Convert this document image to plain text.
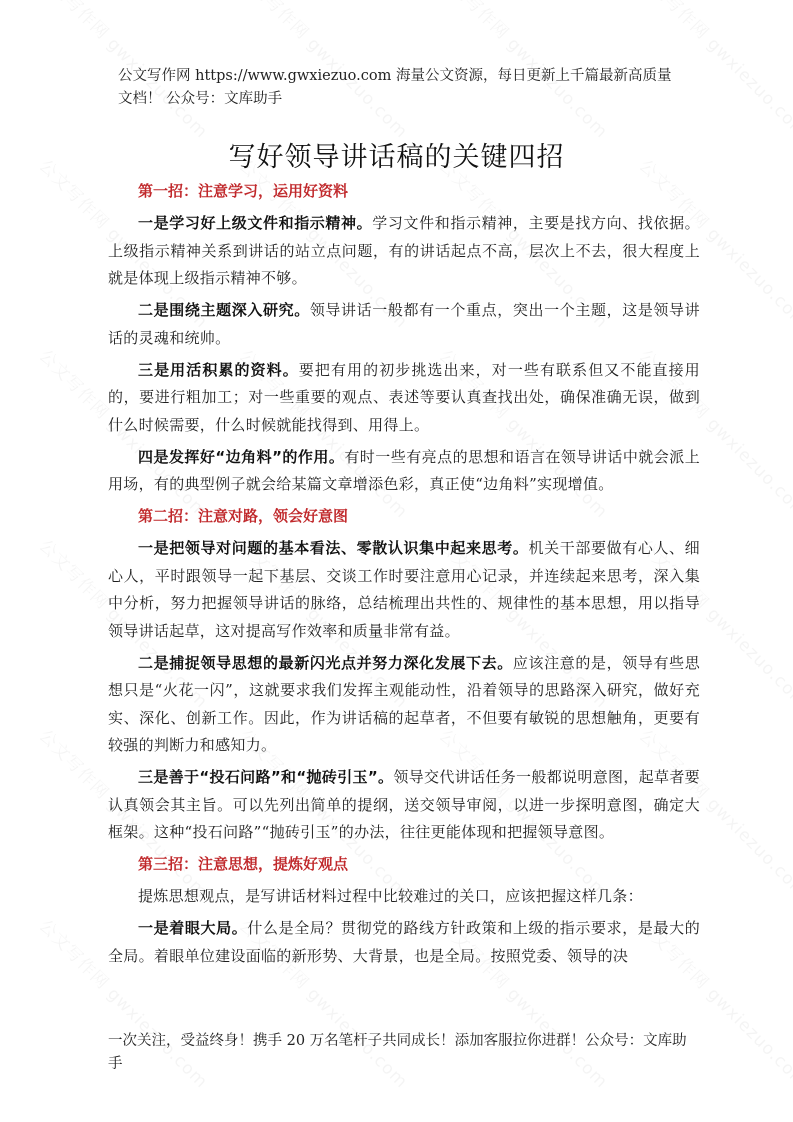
公文写作网 https://www.gwxiezuo.com 海量公文资源，每日更新上千篇最新高质量文档！ 公众号：文库助手
写好领导讲话稿的关键四招

第一招：注意学习，运用好资料

一是学习好上级文件和指示精神。学习文件和指示精神，主要是找方向、找依据。上级指示精神关系到讲话的站立点问题，有的讲话起点不高，层次上不去，很大程度上就是体现上级指示精神不够。

二是围绕主题深入研究。领导讲话一般都有一个重点，突出一个主题，这是领导讲话的灵魂和统帅。

三是用活积累的资料。要把有用的初步挑选出来，对一些有联系但又不能直接用的，要进行粗加工；对一些重要的观点、表述等要认真查找出处，确保准确无误，做到什么时候需要，什么时候就能找得到、用得上。

四是发挥好“边角料”的作用。有时一些有亮点的思想和语言在领导讲话中就会派上用场，有的典型例子就会给某篇文章增添色彩，真正使“边角料”实现增值。

第二招：注意对路，领会好意图

一是把领导对问题的基本看法、零散认识集中起来思考。机关干部要做有心人、细心人，平时跟领导一起下基层、交谈工作时要注意用心记录，并连续起来思考，深入集中分析，努力把握领导讲话的脉络，总结梳理出共性的、规律性的基本思想，用以指导领导讲话起草，这对提高写作效率和质量非常有益。

二是捕捉领导思想的最新闪光点并努力深化发展下去。应该注意的是，领导有些思想只是“火花一闪”，这就要求我们发挥主观能动性，沿着领导的思路深入研究，做好充实、深化、创新工作。因此，作为讲话稿的起草者，不但要有敏锐的思想触角，更要有较强的判断力和感知力。

三是善于“投石问路”和“抛砖引玉”。领导交代讲话任务一般都说明意图，起草者要认真领会其主旨。可以先列出简单的提纲，送交领导审阅，以进一步探明意图，确定大框架。这种“投石问路”“抛砖引玉”的办法，往往更能体现和把握领导意图。

第三招：注意思想，提炼好观点

提炼思想观点，是写讲话材料过程中比较难过的关口，应该把握这样几条：

一是着眼大局。什么是全局？贯彻党的路线方针政策和上级的指示要求，是最大的全局。着眼单位建设面临的新形势、大背景，也是全局。按照党委、领导的决

一次关注，受益终身！携手 20 万名笔杆子共同成长！添加客服拉你进群！公众号：文库助手
